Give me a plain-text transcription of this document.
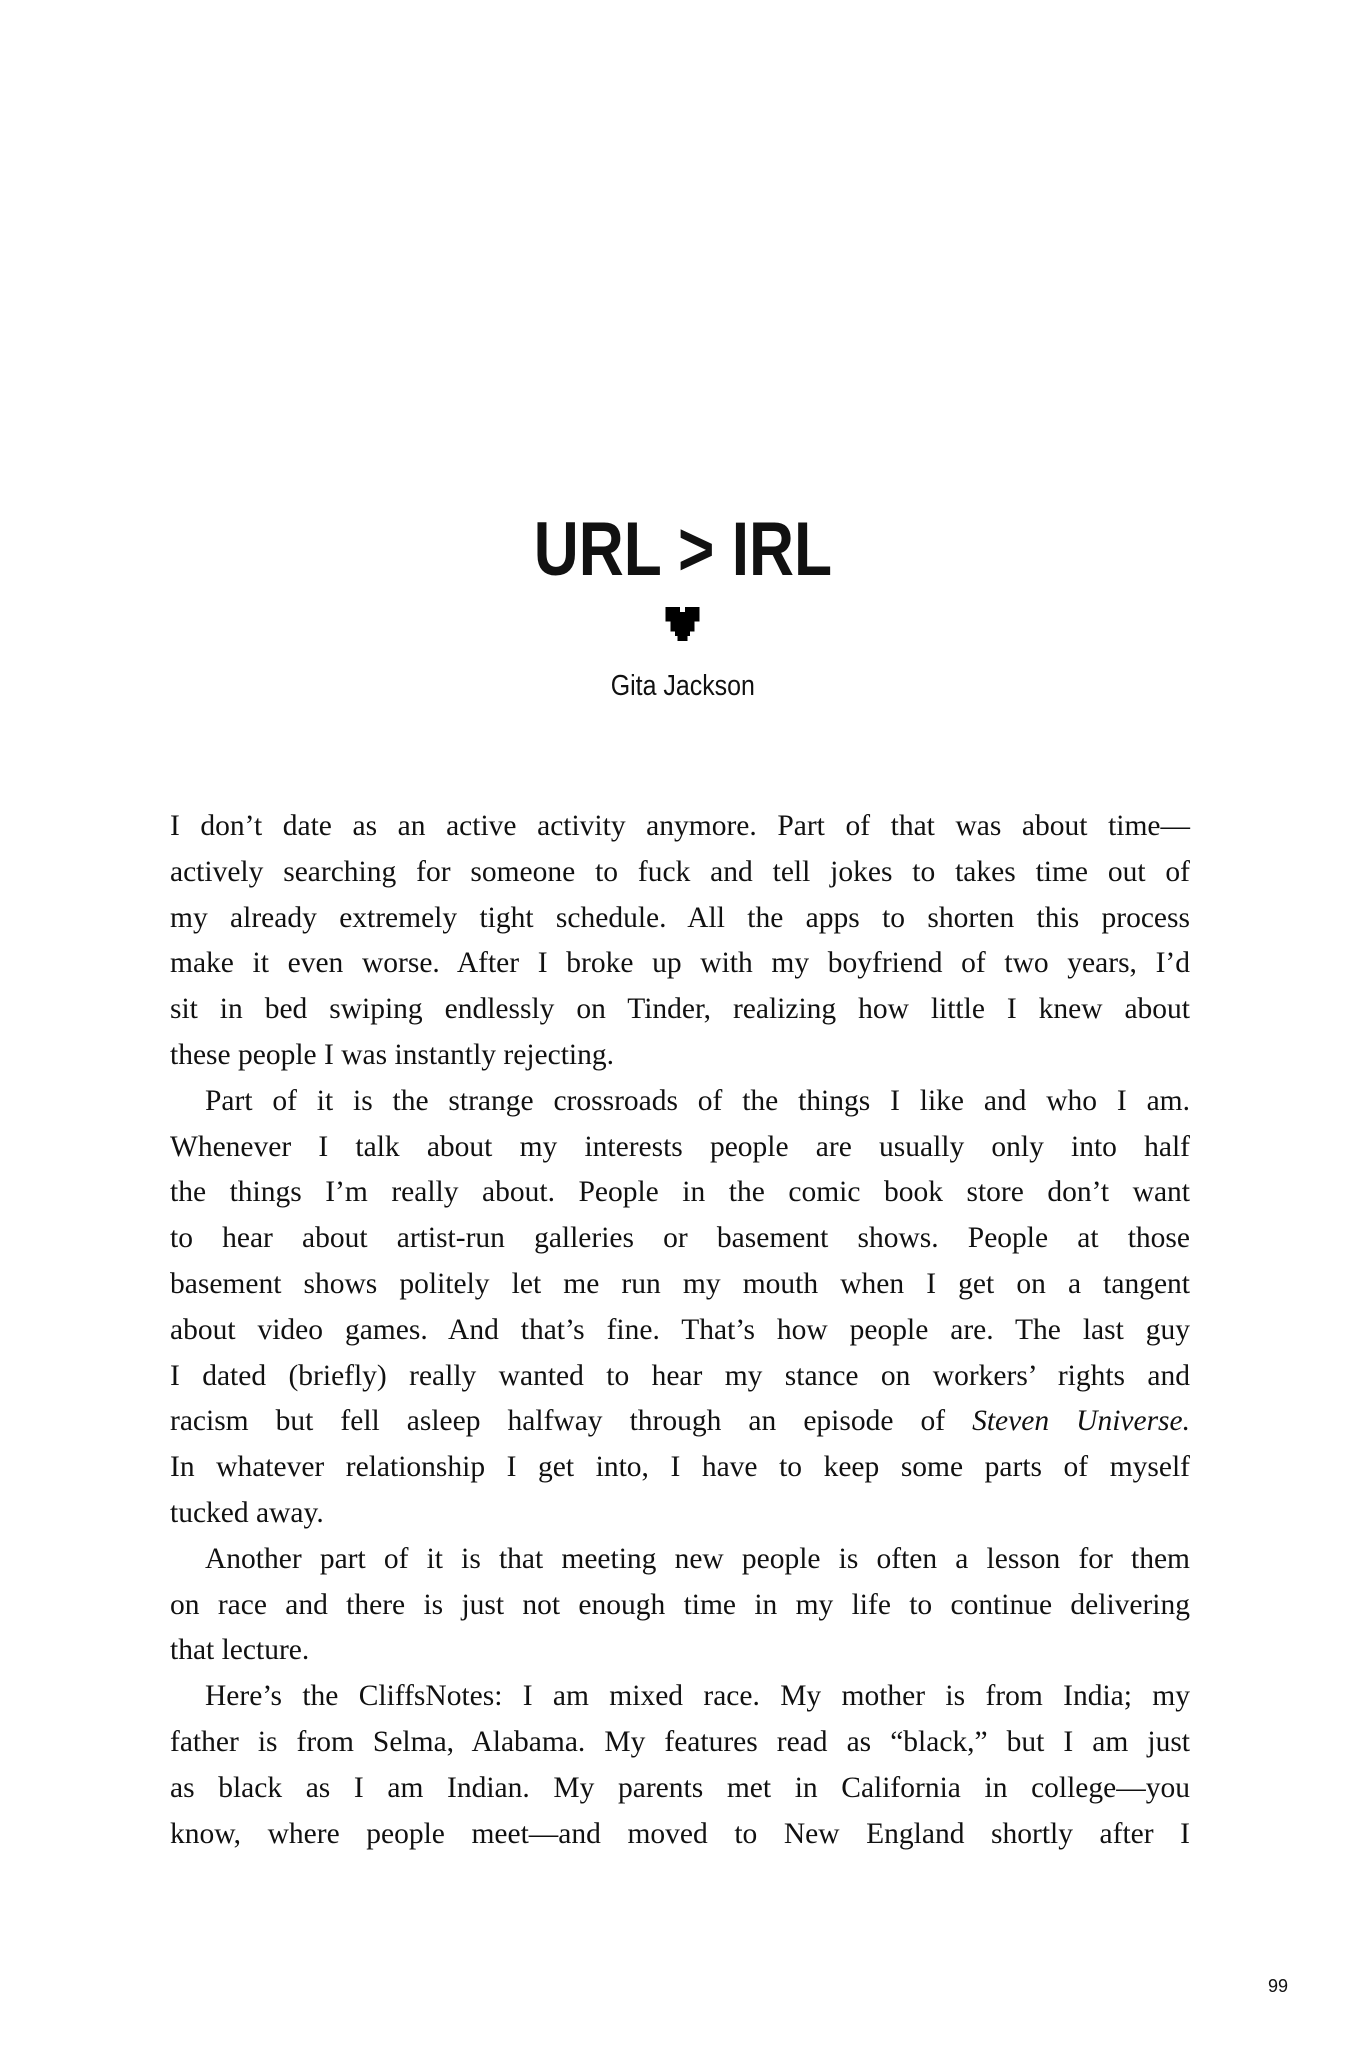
URL > IRL
Gita Jackson
I don’t date as an active activity anymore. Part of that was about time—
actively searching for someone to fuck and tell jokes to takes time out of
my already extremely tight schedule. All the apps to shorten this process
make it even worse. After I broke up with my boyfriend of two years, I’d
sit in bed swiping endlessly on Tinder, realizing how little I knew about
these people I was instantly rejecting.
Part of it is the strange crossroads of the things I like and who I am.
Whenever I talk about my interests people are usually only into half
the things I’m really about. People in the comic book store don’t want
to hear about artist-run galleries or basement shows. People at those
basement shows politely let me run my mouth when I get on a tangent
about video games. And that’s fine. That’s how people are. The last guy
I dated (briefly) really wanted to hear my stance on workers’ rights and
racism but fell asleep halfway through an episode of Steven Universe.
In whatever relationship I get into, I have to keep some parts of myself
tucked away.
Another part of it is that meeting new people is often a lesson for them
on race and there is just not enough time in my life to continue delivering
that lecture.
Here’s the CliffsNotes: I am mixed race. My mother is from India; my
father is from Selma, Alabama. My features read as “black,” but I am just
as black as I am Indian. My parents met in California in college—you
know, where people meet—and moved to New England shortly after I
99
